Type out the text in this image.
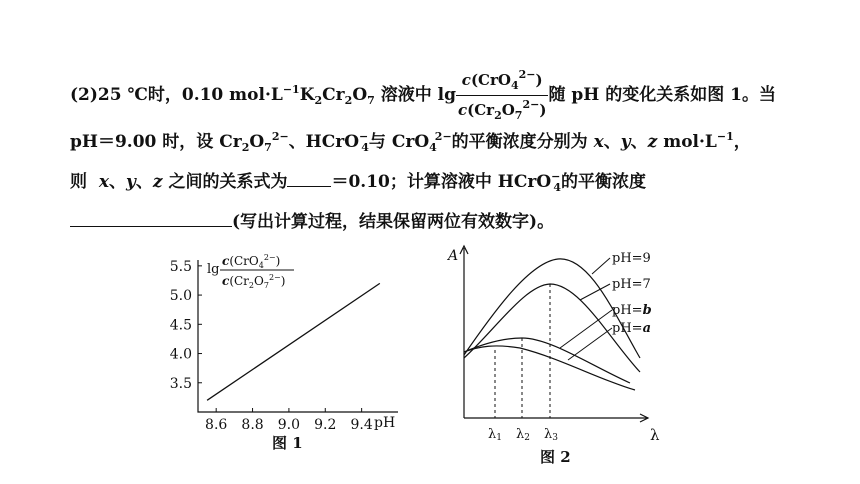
(2)25 ℃时，0.10 $mol\cdot L^{-1}K_2Cr_2O_7$ 溶液中 $\lg \frac{c(CrO_4^{2-})}{c(Cr_2O_7^{2-})}$ 随 pH 的变化关系如图 1。当
pH＝9.00 时，设 $Cr_2O_7^{2-}$、HCrO−$_4$与 CrO$_4^{2-}$的平衡浓度分别为 x、y、z $mol\cdot L^{-1}$，
则  x、y、z 之间的关系式为	＝0.10；计算溶液中 HCrO−$_4$的平衡浓度
(写出计算过程，结果保留两位有效数字)。
3.5
4.0
4.5
5.0
5.5
8.6 8.8 9.0 9.2 9.4
lg
c(CrO$_4^{2-}$)
$c(Cr_2O_7^{2-})$
pH
图 1
A
λ
pH=9
pH=7
pH=b
pH=a
λ1 λ2 λ3
图 2
